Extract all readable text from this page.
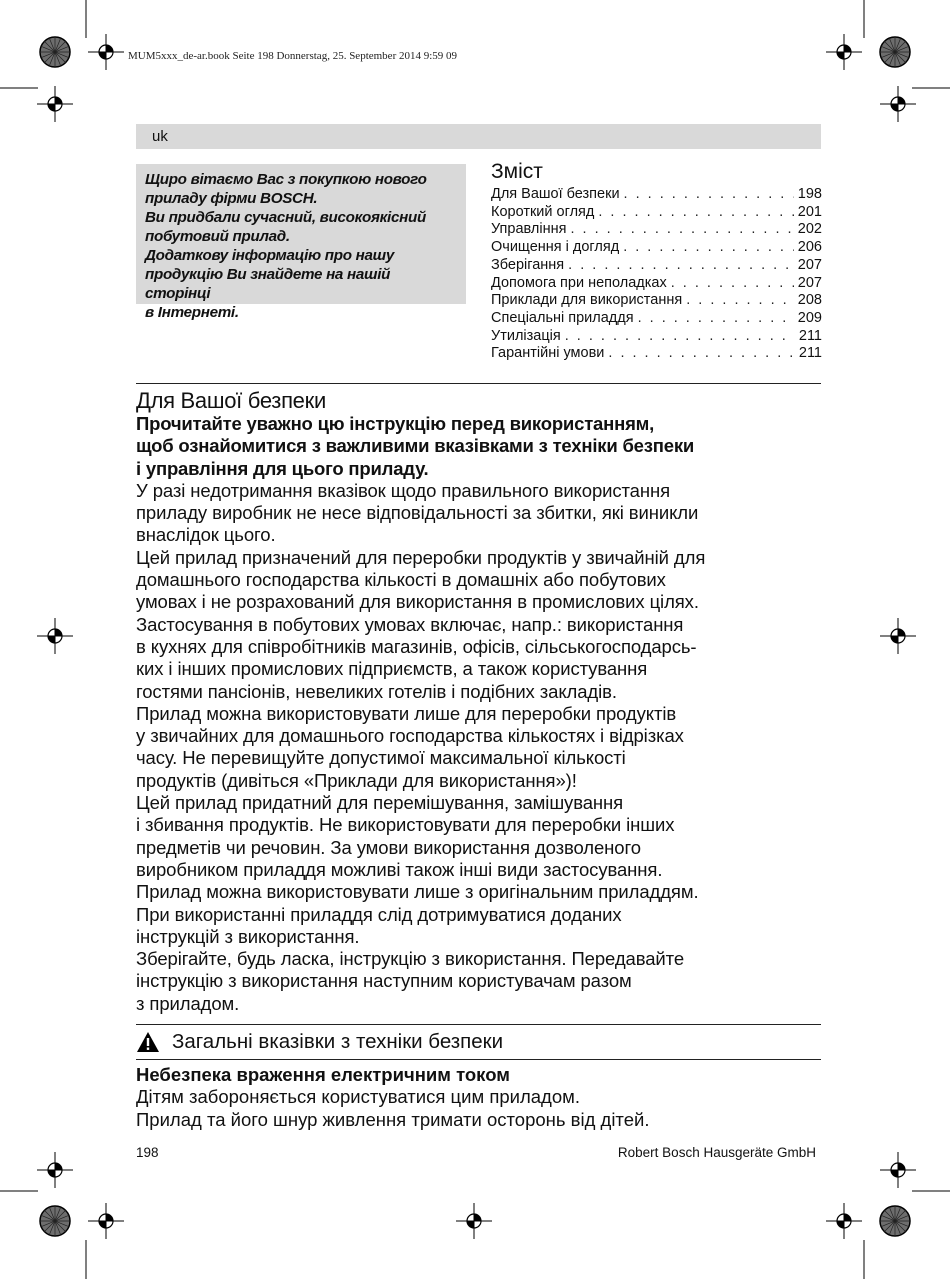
MUM5xxx_de-ar.book Seite 198 Donnerstag, 25. September 2014 9:59 09
uk

Щиро вітаємо Вас з покупкою нового

приладу фірми BOSCH.

Ви придбали сучасний, високоякісний

побутовий прилад.

Додаткову інформацію про нашу

продукцію Ви знайдете на нашій сторінці

в Інтернеті.

Зміст
Для Вашої безпеки . . .	198
Короткий огляд . . .	201
Управління . . .	202
Очищення і догляд . . .	206
Зберігання . . .	207
Допомога при неполадках . . .	207
Приклади для використання . . .	208
Спеціальні приладдя . . .	209
Утилізація . . .	211
Гарантійні умови . . .	211
Для Вашої безпеки

Прочитайте уважно цю інструкцію перед використанням,

щоб ознайомитися з важливими вказівками з техніки безпеки

і управління для цього приладу.

У разі недотримання вказівок щодо правильного використання

приладу виробник не несе відповідальності за збитки, які виникли

внаслідок цього.

Цей прилад призначений для переробки продуктів у звичайній для

домашнього господарства кількості в домашніх або побутових

умовах і не розрахований для використання в промислових цілях.

Застосування в побутових умовах включає, напр.: використання

в кухнях для співробітників магазинів, офісів, сільськогосподарсь-

ких і інших промислових підприємств, а також користування

гостями пансіонів, невеликих готелів і подібних закладів.

Прилад можна використовувати лише для переробки продуктів

у звичайних для домашнього господарства кількостях і відрізках

часу. Не перевищуйте допустимої максимальної кількості

продуктів (дивіться «Приклади для використання»)!

Цей прилад придатний для перемішування, замішування

і збивання продуктів. Не використовувати для переробки інших

предметів чи речовин. За умови використання дозволеного

виробником приладдя можливі також інші види застосування.

Прилад можна використовувати лише з оригінальним приладдям.

При використанні приладдя слід дотримуватися доданих

інструкцій з використання.

Зберігайте, будь ласка, інструкцію з використання. Передавайте

інструкцію з використання наступним користувачам разом

з приладом.

Загальні вказівки з техніки безпеки

Небезпека враження електричним током

Дітям забороняється користуватися цим приладом.

Прилад та його шнур живлення тримати осторонь від дітей.

198	Robert Bosch Hausgeräte GmbH
